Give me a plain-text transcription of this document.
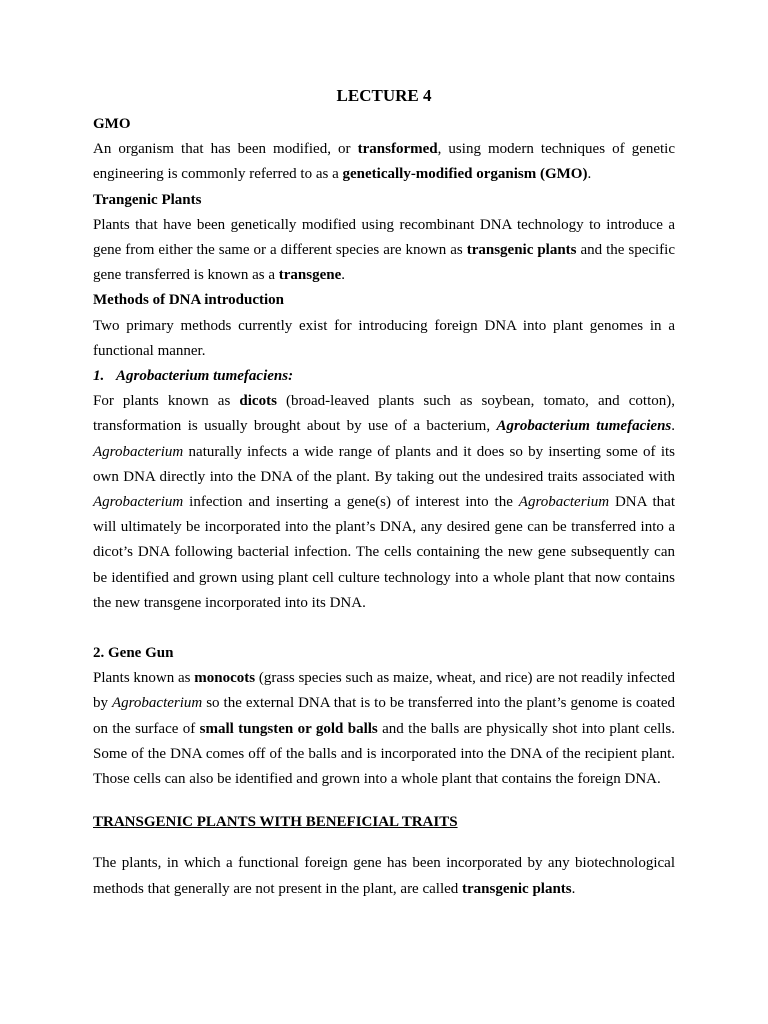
LECTURE 4

GMO

An organism that has been modified, or transformed, using modern techniques of genetic engineering is commonly referred to as a genetically-modified organism (GMO).

Trangenic Plants

Plants that have been genetically modified using recombinant DNA technology to introduce a gene from either the same or a different species are known as transgenic plants and the specific gene transferred is known as a transgene.

Methods of DNA introduction

Two primary methods currently exist for introducing foreign DNA into plant genomes in a functional manner.

1. Agrobacterium tumefaciens:

For plants known as dicots (broad-leaved plants such as soybean, tomato, and cotton), transformation is usually brought about by use of a bacterium, Agrobacterium tumefaciens. Agrobacterium naturally infects a wide range of plants and it does so by inserting some of its own DNA directly into the DNA of the plant. By taking out the undesired traits associated with Agrobacterium infection and inserting a gene(s) of interest into the Agrobacterium DNA that will ultimately be incorporated into the plant’s DNA, any desired gene can be transferred into a dicot’s DNA following bacterial infection. The cells containing the new gene subsequently can be identified and grown using plant cell culture technology into a whole plant that now contains the new transgene incorporated into its DNA.

2. Gene Gun

Plants known as monocots (grass species such as maize, wheat, and rice) are not readily infected by Agrobacterium so the external DNA that is to be transferred into the plant’s genome is coated on the surface of small tungsten or gold balls and the balls are physically shot into plant cells. Some of the DNA comes off of the balls and is incorporated into the DNA of the recipient plant. Those cells can also be identified and grown into a whole plant that contains the foreign DNA.

TRANSGENIC PLANTS WITH BENEFICIAL TRAITS

The plants, in which a functional foreign gene has been incorporated by any biotechnological methods that generally are not present in the plant, are called transgenic plants.
